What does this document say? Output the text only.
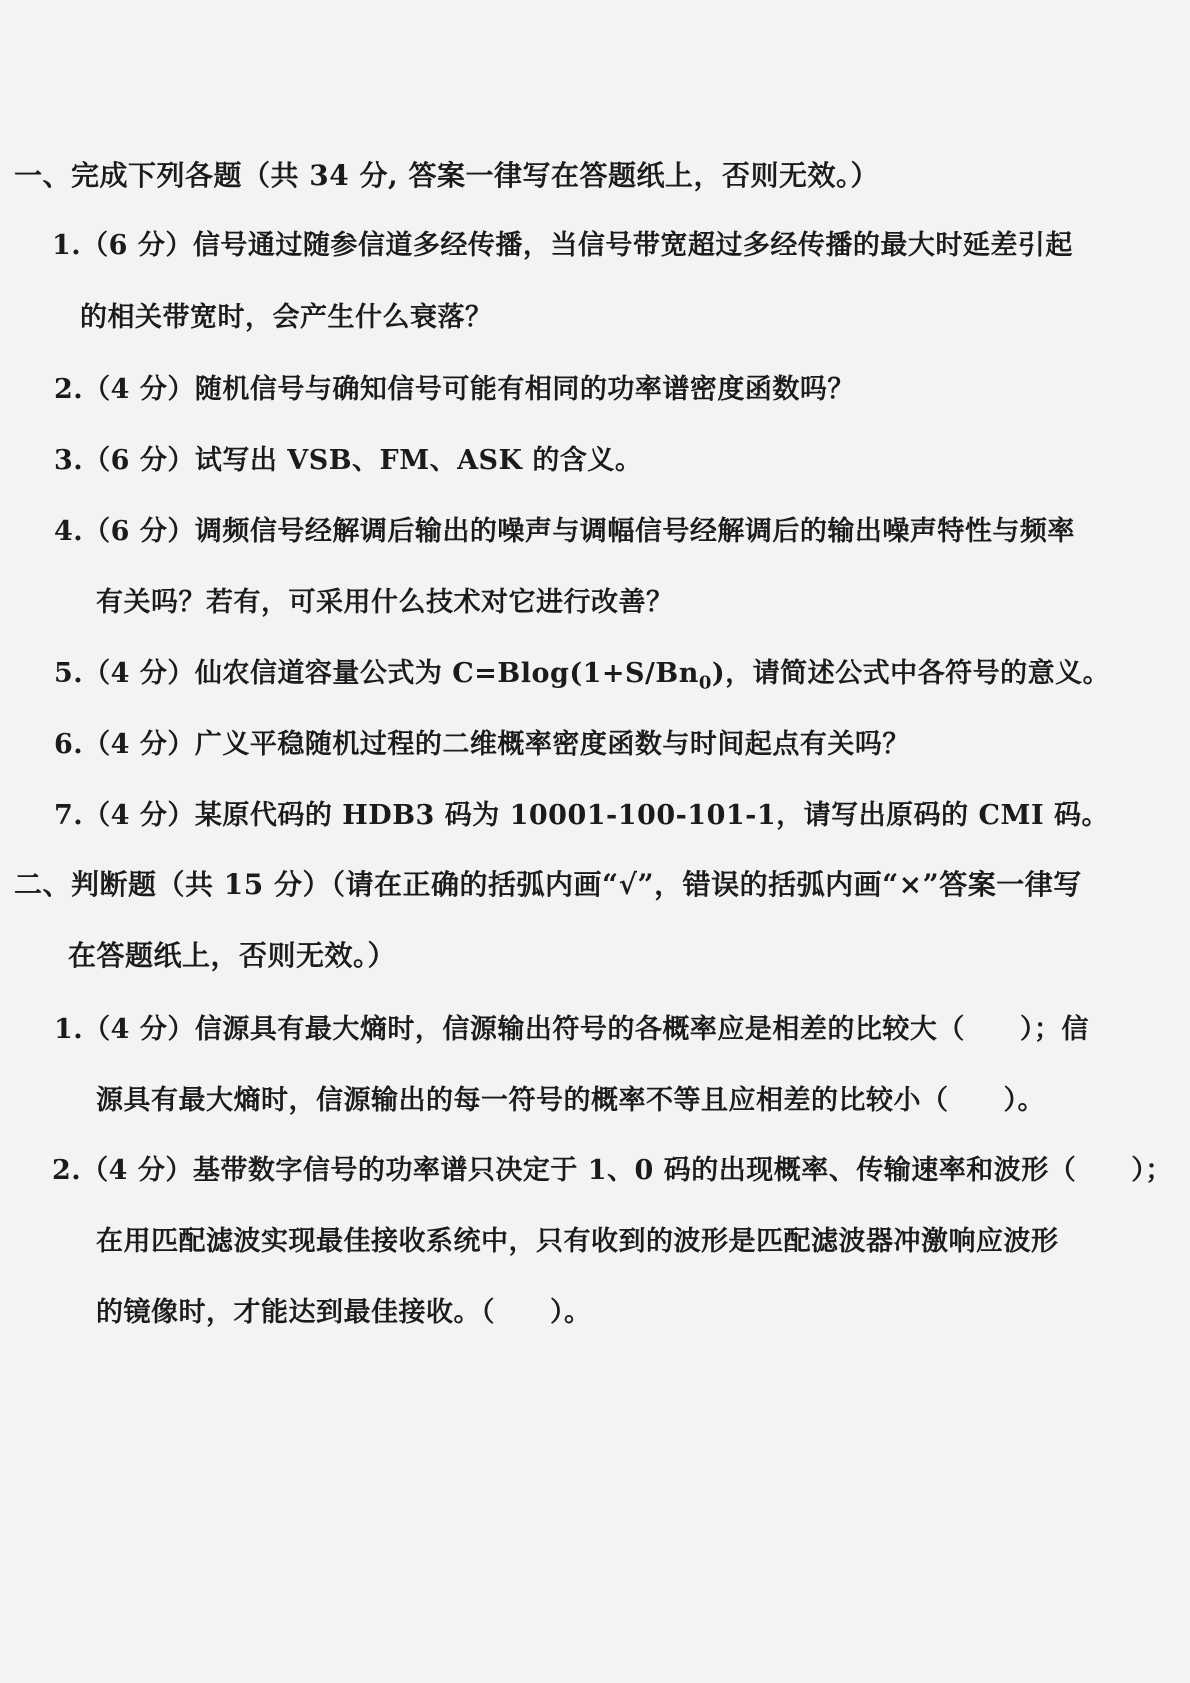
一、完成下列各题（共 34 分, 答案一律写在答题纸上，否则无效。）
1.（6 分）信号通过随参信道多经传播，当信号带宽超过多经传播的最大时延差引起
的相关带宽时，会产生什么衰落？
2.（4 分）随机信号与确知信号可能有相同的功率谱密度函数吗？
3.（6 分）试写出 VSB、FM、ASK 的含义。
4.（6 分）调频信号经解调后输出的噪声与调幅信号经解调后的输出噪声特性与频率
有关吗？若有，可采用什么技术对它进行改善？
5.（4 分）仙农信道容量公式为 $C=Blog(1+S/Bn_0)$，请简述公式中各符号的意义。
6.（4 分）广义平稳随机过程的二维概率密度函数与时间起点有关吗？
7.（4 分）某原代码的 HDB3 码为 10001-100-101-1，请写出原码的 CMI 码。
二、判断题（共 15 分）（请在正确的括弧内画“√”，错误的括弧内画“×”答案一律写
在答题纸上，否则无效。）
1.（4 分）信源具有最大熵时，信源输出符号的各概率应是相差的比较大（　　）；信
源具有最大熵时，信源输出的每一符号的概率不等且应相差的比较小（　　）。
2.（4 分）基带数字信号的功率谱只决定于 1、0 码的出现概率、传输速率和波形（　　）；
在用匹配滤波实现最佳接收系统中，只有收到的波形是匹配滤波器冲激响应波形
的镜像时，才能达到最佳接收。（　　）。
